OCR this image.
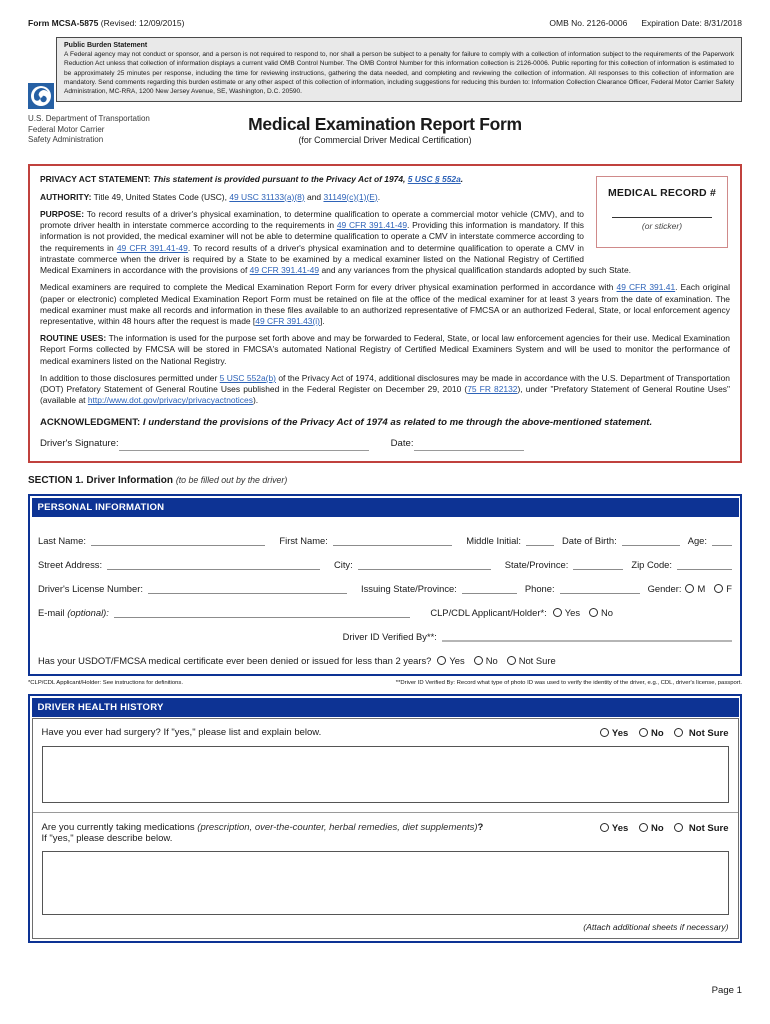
Form MCSA-5875 (Revised: 12/09/2015)	OMB No. 2126-0006 Expiration Date: 8/31/2018
Public Burden Statement
A Federal agency may not conduct or sponsor, and a person is not required to respond to, nor shall a person be subject to a penalty for failure to comply with a collection of information subject to the requirements of the Paperwork Reduction Act unless that collection of information displays a current valid OMB Control Number. The OMB Control Number for this information collection is 2126-0006. Public reporting for this collection of information is estimated to be approximately 25 minutes per response, including the time for reviewing instructions, gathering the data needed, and completing and reviewing the collection of information. All responses to this collection of information are mandatory. Send comments regarding this burden estimate or any other aspect of this collection of information, including suggestions for reducing this burden to: Information Collection Clearance Officer, Federal Motor Carrier Safety Administration, MC-RRA, 1200 New Jersey Avenue, SE, Washington, D.C. 20590.
U.S. Department of Transportation
Federal Motor Carrier
Safety Administration
Medical Examination Report Form
(for Commercial Driver Medical Certification)
MEDICAL RECORD #
(or sticker)

PRIVACY ACT STATEMENT: This statement is provided pursuant to the Privacy Act of 1974, 5 USC § 552a.

AUTHORITY: Title 49, United States Code (USC), 49 USC 31133(a)(8) and 31149(c)(1)(E).

PURPOSE: To record results of a driver's physical examination, to determine qualification to operate a commercial motor vehicle (CMV), and to promote driver health in interstate commerce according to the requirements in 49 CFR 391.41-49. Providing this information is mandatory. If this information is not provided, the medical examiner will not be able to determine qualification to operate a CMV in interstate commerce according to the requirements in 49 CFR 391.41-49. To record results of a driver's physical examination and to determine qualification to operate a CMV in intrastate commerce when the driver is required by a State to be examined by a medical examiner listed on the National Registry of Certified Medical Examiners in accordance with the provisions of 49 CFR 391.41-49 and any variances from the physical qualification standards adopted by such State.

Medical examiners are required to complete the Medical Examination Report Form for every driver physical examination performed in accordance with 49 CFR 391.41. Each original (paper or electronic) completed Medical Examination Report Form must be retained on file at the office of the medical examiner for at least 3 years from the date of examination. The medical examiner must make all records and information in these files available to an authorized representative of FMCSA or an authorized Federal, State, or local enforcement agency representative, within 48 hours after the request is made [49 CFR 391.43(i)].

ROUTINE USES: The information is used for the purpose set forth above and may be forwarded to Federal, State, or local law enforcement agencies for their use. Medical Examination Report Forms collected by FMCSA will be stored in FMCSA's automated National Registry of Certified Medical Examiners System and will be used to monitor the performance of medical examiners listed on the National Registry.

In addition to those disclosures permitted under 5 USC 552a(b) of the Privacy Act of 1974, additional disclosures may be made in accordance with the U.S. Department of Transportation (DOT) Prefatory Statement of General Routine Uses published in the Federal Register on December 29, 2010 (75 FR 82132), under "Prefatory Statement of General Routine Uses" (available at http://www.dot.gov/privacy/privacyactnotices).

ACKNOWLEDGMENT: I understand the provisions of the Privacy Act of 1974 as related to me through the above-mentioned statement.
Driver's Signature:	Date:
SECTION 1. Driver Information (to be filled out by the driver)
PERSONAL INFORMATION
Last Name:	First Name:	Middle Initial:	Date of Birth:	Age:
Street Address:	City:	State/Province:	Zip Code:
Driver's License Number:	Issuing State/Province:	Phone:	Gender:	M	F
E-mail
(optional):	CLP/CDL Applicant/Holder*:	Yes	No
Driver ID Verified By**:
Has your USDOT/FMCSA medical certificate ever been denied or issued for less than 2 years?	Yes	No	Not Sure
*CLP/CDL Applicant/Holder: See instructions for definitions.	**Driver ID Verified By: Record what type of photo ID was used to verify the identity of the driver, e.g., CDL, driver's license, passport.
DRIVER HEALTH HISTORY
Have you ever had surgery? If "yes," please list and explain below.	Yes No	Not Sure
Are you currently taking medications (prescription, over-the-counter, herbal remedies, diet supplements)?
If "yes," please describe below.
Yes No	Not Sure
(Attach additional sheets if necessary)
Page 1
